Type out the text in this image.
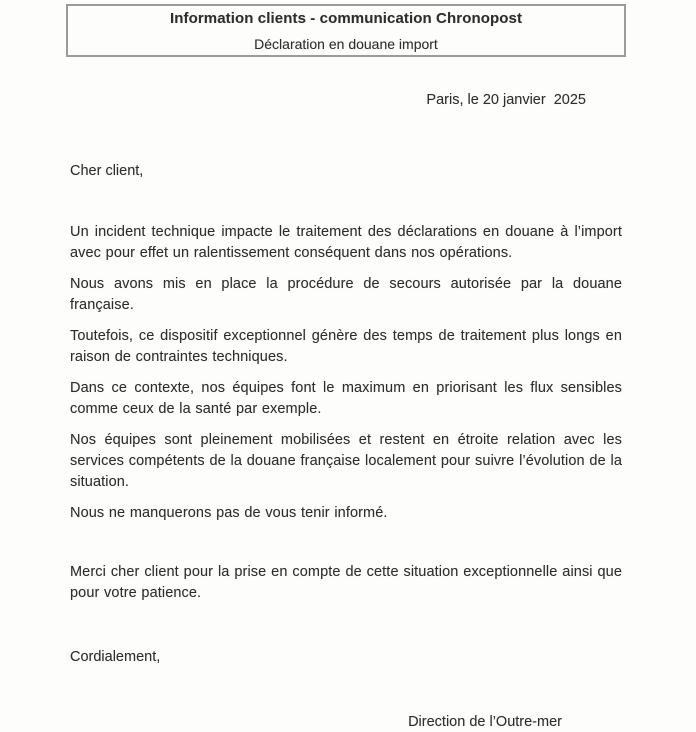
Information clients - communication Chronopost
Déclaration en douane import
Paris, le 20 janvier  2025
Cher client,

Un incident technique impacte le traitement des déclarations en douane à l’import avec pour effet un ralentissement conséquent dans nos opérations.

Nous avons mis en place la procédure de secours autorisée par la douane française.

Toutefois, ce dispositif exceptionnel génère des temps de traitement plus longs en raison de contraintes techniques.

Dans ce contexte, nos équipes font le maximum en priorisant les flux sensibles comme ceux de la santé par exemple.

Nos équipes sont pleinement mobilisées et restent en étroite relation avec les services compétents de la douane française localement pour suivre l’évolution de la situation.

Nous ne manquerons pas de vous tenir informé.

Merci cher client pour la prise en compte de cette situation exceptionnelle ainsi que pour votre patience.

Cordialement,
Direction de l’Outre-mer
